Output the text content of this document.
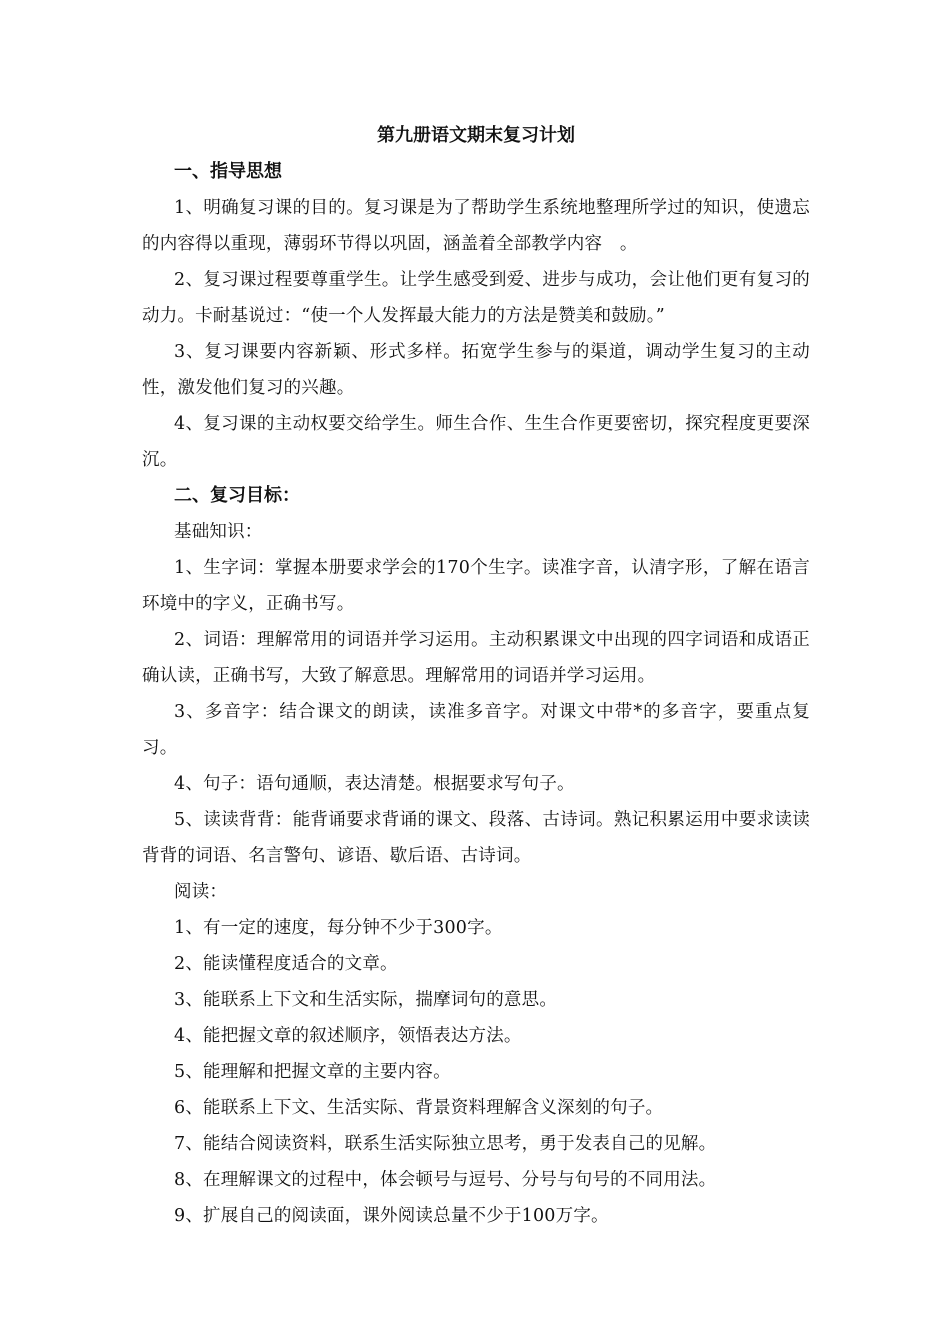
第九册语文期末复习计划

一、指导思想

1、明确复习课的目的。复习课是为了帮助学生系统地整理所学过的知识，使遗忘的内容得以重现，薄弱环节得以巩固，涵盖着全部教学内容　。

2、复习课过程要尊重学生。让学生感受到爱、进步与成功，会让他们更有复习的动力。卡耐基说过：“使一个人发挥最大能力的方法是赞美和鼓励。”

3、复习课要内容新颖、形式多样。拓宽学生参与的渠道，调动学生复习的主动性，激发他们复习的兴趣。

4、复习课的主动权要交给学生。师生合作、生生合作更要密切，探究程度更要深沉。

二、复习目标：

基础知识：

1、生字词：掌握本册要求学会的170个生字。读准字音，认清字形，了解在语言环境中的字义，正确书写。

2、词语：理解常用的词语并学习运用。主动积累课文中出现的四字词语和成语正确认读，正确书写，大致了解意思。理解常用的词语并学习运用。

3、多音字：结合课文的朗读，读准多音字。对课文中带*的多音字，要重点复习。

4、句子：语句通顺，表达清楚。根据要求写句子。

5、读读背背：能背诵要求背诵的课文、段落、古诗词。熟记积累运用中要求读读背背的词语、名言警句、谚语、歇后语、古诗词。

阅读：

1、有一定的速度，每分钟不少于300字。

2、能读懂程度适合的文章。

3、能联系上下文和生活实际，揣摩词句的意思。

4、能把握文章的叙述顺序，领悟表达方法。

5、能理解和把握文章的主要内容。

6、能联系上下文、生活实际、背景资料理解含义深刻的句子。

7、能结合阅读资料，联系生活实际独立思考，勇于发表自己的见解。

8、在理解课文的过程中，体会顿号与逗号、分号与句号的不同用法。

9、扩展自己的阅读面，课外阅读总量不少于100万字。
